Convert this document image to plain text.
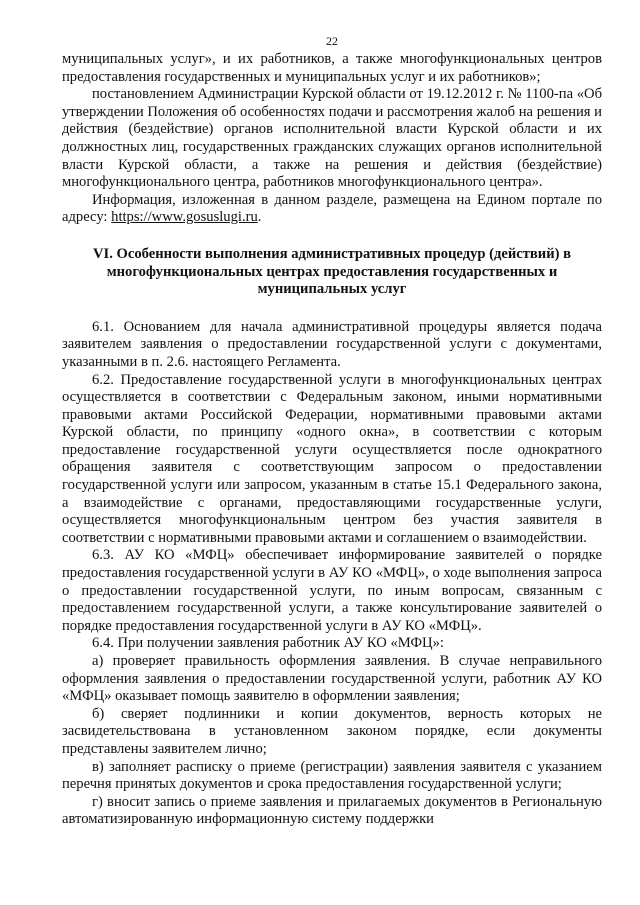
22

муниципальных услуг», и их работников, а также многофункциональных центров предоставления государственных и муниципальных услуг и их работников»;

постановлением Администрации Курской области от 19.12.2012 г. № 1100-па «Об утверждении Положения об особенностях подачи и рассмотрения жалоб на решения и действия (бездействие) органов исполнительной власти Курской области и их должностных лиц, государственных гражданских служащих органов исполнительной власти Курской области, а также на решения и действия (бездействие) многофункционального центра, работников многофункционального центра».

Информация, изложенная в данном разделе, размещена на Едином портале по адресу: https://www.gosuslugi.ru.

VI. Особенности выполнения административных процедур (действий) в многофункциональных центрах предоставления государственных и муниципальных услуг

6.1. Основанием для начала административной процедуры является подача заявителем заявления о предоставлении государственной услуги с документами, указанными в п. 2.6. настоящего Регламента.

6.2. Предоставление государственной услуги в многофункциональных центрах осуществляется в соответствии с Федеральным законом, иными нормативными правовыми актами Российской Федерации, нормативными правовыми актами Курской области, по принципу «одного окна», в соответствии с которым предоставление государственной услуги осуществляется после однократного обращения заявителя с соответствующим запросом о предоставлении государственной услуги или запросом, указанным в статье 15.1 Федерального закона, а взаимодействие с органами, предоставляющими государственные услуги, осуществляется многофункциональным центром без участия заявителя в соответствии с нормативными правовыми актами и соглашением о взаимодействии.

6.3. АУ КО «МФЦ» обеспечивает информирование заявителей о порядке предоставления государственной услуги в АУ КО «МФЦ», о ходе выполнения запроса о предоставлении государственной услуги, по иным вопросам, связанным с предоставлением государственной услуги, а также консультирование заявителей о порядке предоставления государственной услуги в АУ КО «МФЦ».

6.4. При получении заявления работник АУ КО «МФЦ»:

а) проверяет правильность оформления заявления. В случае неправильного оформления заявления о предоставлении государственной услуги, работник АУ КО «МФЦ» оказывает помощь заявителю в оформлении заявления;

б) сверяет подлинники и копии документов, верность которых не засвидетельствована в установленном законом порядке, если документы представлены заявителем лично;

в) заполняет расписку о приеме (регистрации) заявления заявителя с указанием перечня принятых документов и срока предоставления государственной услуги;

г) вносит запись о приеме заявления и прилагаемых документов в Региональную автоматизированную информационную систему поддержки
